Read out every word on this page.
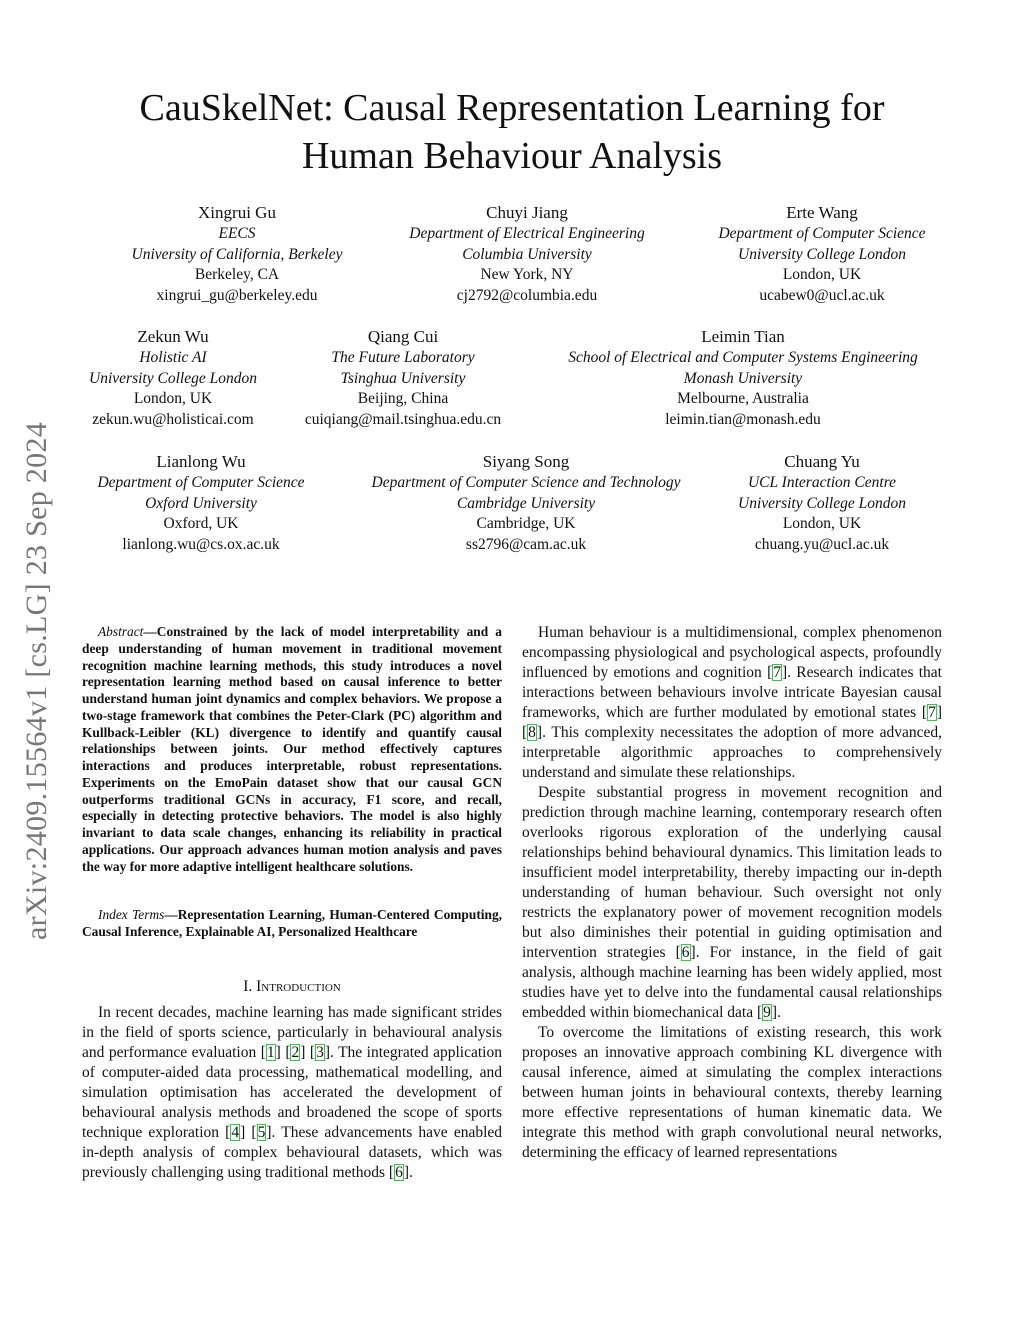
CauSkelNet: Causal Representation Learning for
Human Behaviour Analysis
arXiv:2409.15564v1 [cs.LG] 23 Sep 2024
Xingrui Gu
EECS
University of California, Berkeley
Berkeley, CA
xingrui_gu@berkeley.edu
Chuyi Jiang
Department of Electrical Engineering
Columbia University
New York, NY
cj2792@columbia.edu
Erte Wang
Department of Computer Science
University College London
London, UK
ucabew0@ucl.ac.uk
Zekun Wu
Holistic AI
University College London
London, UK
zekun.wu@holisticai.com
Qiang Cui
The Future Laboratory
Tsinghua University
Beijing, China
cuiqiang@mail.tsinghua.edu.cn
Leimin Tian
School of Electrical and Computer Systems Engineering
Monash University
Melbourne, Australia
leimin.tian@monash.edu
Lianlong Wu
Department of Computer Science
Oxford University
Oxford, UK
lianlong.wu@cs.ox.ac.uk
Siyang Song
Department of Computer Science and Technology
Cambridge University
Cambridge, UK
ss2796@cam.ac.uk
Chuang Yu
UCL Interaction Centre
University College London
London, UK
chuang.yu@ucl.ac.uk

Abstract—Constrained by the lack of model interpretability and a deep understanding of human movement in traditional movement recognition machine learning methods, this study introduces a novel representation learning method based on causal inference to better understand human joint dynamics and complex behaviors. We propose a two-stage framework that combines the Peter-Clark (PC) algorithm and Kullback-Leibler (KL) divergence to identify and quantify causal relationships between joints. Our method effectively captures interactions and produces interpretable, robust representations. Experiments on the EmoPain dataset show that our causal GCN outperforms traditional GCNs in accuracy, F1 score, and recall, especially in detecting protective behaviors. The model is also highly invariant to data scale changes, enhancing its reliability in practical applications. Our approach advances human motion analysis and paves the way for more adaptive intelligent healthcare solutions.

Index Terms—Representation Learning, Human-Centered Computing, Causal Inference, Explainable AI, Personalized Healthcare
I. Introduction

In recent decades, machine learning has made significant strides in the field of sports science, particularly in behavioural analysis and performance evaluation [1] [2] [3]. The integrated application of computer-aided data processing, mathematical modelling, and simulation optimisation has accelerated the development of behavioural analysis methods and broadened the scope of sports technique exploration [4] [5]. These advancements have enabled in-depth analysis of complex behavioural datasets, which was previously challenging using traditional methods [6].

Human behaviour is a multidimensional, complex phenomenon encompassing physiological and psychological aspects, profoundly influenced by emotions and cognition [7]. Research indicates that interactions between behaviours involve intricate Bayesian causal frameworks, which are further modulated by emotional states [7] [8]. This complexity necessitates the adoption of more advanced, interpretable algorithmic approaches to comprehensively understand and simulate these relationships.

Despite substantial progress in movement recognition and prediction through machine learning, contemporary research often overlooks rigorous exploration of the underlying causal relationships behind behavioural dynamics. This limitation leads to insufficient model interpretability, thereby impacting our in-depth understanding of human behaviour. Such oversight not only restricts the explanatory power of movement recognition models but also diminishes their potential in guiding optimisation and intervention strategies [6]. For instance, in the field of gait analysis, although machine learning has been widely applied, most studies have yet to delve into the fundamental causal relationships embedded within biomechanical data [9].

To overcome the limitations of existing research, this work proposes an innovative approach combining KL divergence with causal inference, aimed at simulating the complex interactions between human joints in behavioural contexts, thereby learning more effective representations of human kinematic data. We integrate this method with graph convolutional neural networks, determining the efficacy of learned representations
